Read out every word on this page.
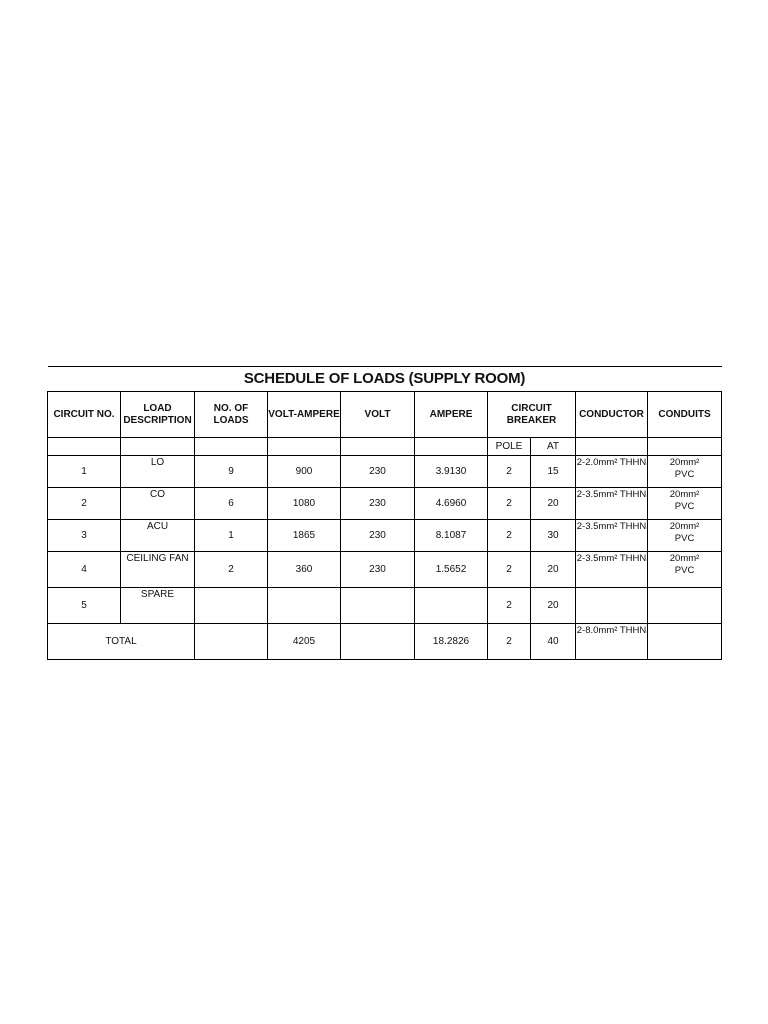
SCHEDULE OF LOADS (SUPPLY ROOM)									
CIRCUIT NO.	LOAD DESCRIPTION	NO. OF LOADS	VOLT-AMPERE	VOLT	AMPERE	CIRCUIT BREAKER		CONDUCTOR	CONDUITS
						POLE	AT		
1	LO	9	900	230	3.9130	2	15	2-2.0mm² THHN	20mm²
PVC

2	CO	6	1080	230	4.6960	2	20	2-3.5mm² THHN	20mm²
PVC

3	ACU	1	1865	230	8.1087	2	30	2-3.5mm² THHN	20mm²
PVC

4	CEILING FAN	2	360	230	1.5652	2	20	2-3.5mm² THHN	20mm²
PVC

5	SPARE					2	20		

TOTAL			4205		18.2826	2	40	2-8.0mm² THHN	
